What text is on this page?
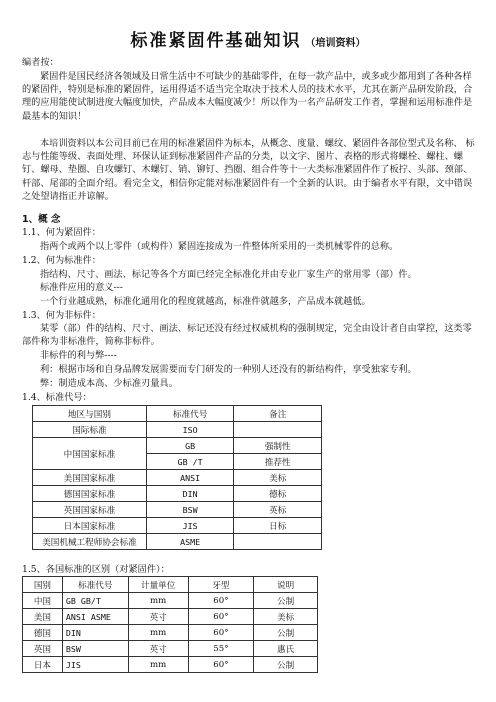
标准紧固件基础知识 （培训资料）
编者按：
紧固件是国民经济各领域及日常生活中不可缺少的基础零件，在每一款产品中，或多或少都用到了各种各样的紧固件，特别是标准的紧固件，运用得适不适当完全取决于技术人员的技术水平，尤其在新产品研发阶段，合理的应用能使试制进度大幅度加快，产品成本大幅度减少！所以作为一名产品研发工作者，掌握和运用标准件是最基本的知识！
本培训资料以本公司目前已在用的标准紧固件为标本，从概念、度量、螺纹、紧固件各部位型式及名称、 标志与性能等级、表面处理、环保认证到标准紧固件产品的分类，以文字、图片、表格的形式将螺栓、螺柱、螺钉、螺母、垫圈、自攻螺钉、木螺钉、销、铆钉、挡圈、组合件等十一大类标准紧固件作了板拧、头部、颈部、杆部、尾部的全面介绍。看完全文，相信你定能对标准紧固件有一个全新的认识。由于编者水平有限，文中错误之处望请指正并谅解。
1、概 念
1.1、何为紧固件：
指两个或两个以上零件（或构件）紧固连接成为一件整体所采用的一类机械零件的总称。
1.2、何为标准件：
指结构、尺寸、画法、标记等各个方面已经完全标准化并由专业厂家生产的常用零（部）件。
标准件应用的意义---
一个行业越成熟，标准化通用化的程度就越高，标准件就越多，产品成本就越低。
1.3、何为非标件：
某零（部）件的结构、尺寸、画法、标记还没有经过权威机构的强制规定，完全由设计者自由掌控，这类零部件称为非标准件，简称非标件。
非标件的利与弊----
利：根据市场和自身品牌发展需要而专门研发的一种别人还没有的新结构件，享受独家专利。
弊：制造成本高、少标准刃量具。
1.4、标准代号：
地区与国别	标准代号	备注
国际标准	ISO	
中国国家标准	GB	强制性
	GB /T	推荐性
美国国家标准	ANSI	美标
德国国家标准	DIN	德标
英国国家标准	BSW	英标
日本国家标准	JIS	日标
美国机械工程师协会标准	ASME	
1.5、各国标准的区别（对紧固件）：
国别	标准代号	计量单位	牙型	说明
中国	GB GB/T	mm	60°	公制
美国	ANSI ASME	英寸	60°	美标
德国	DIN	mm	60°	公制
英国	BSW	英寸	55°	惠氏
日本	JIS	mm	60°	公制
